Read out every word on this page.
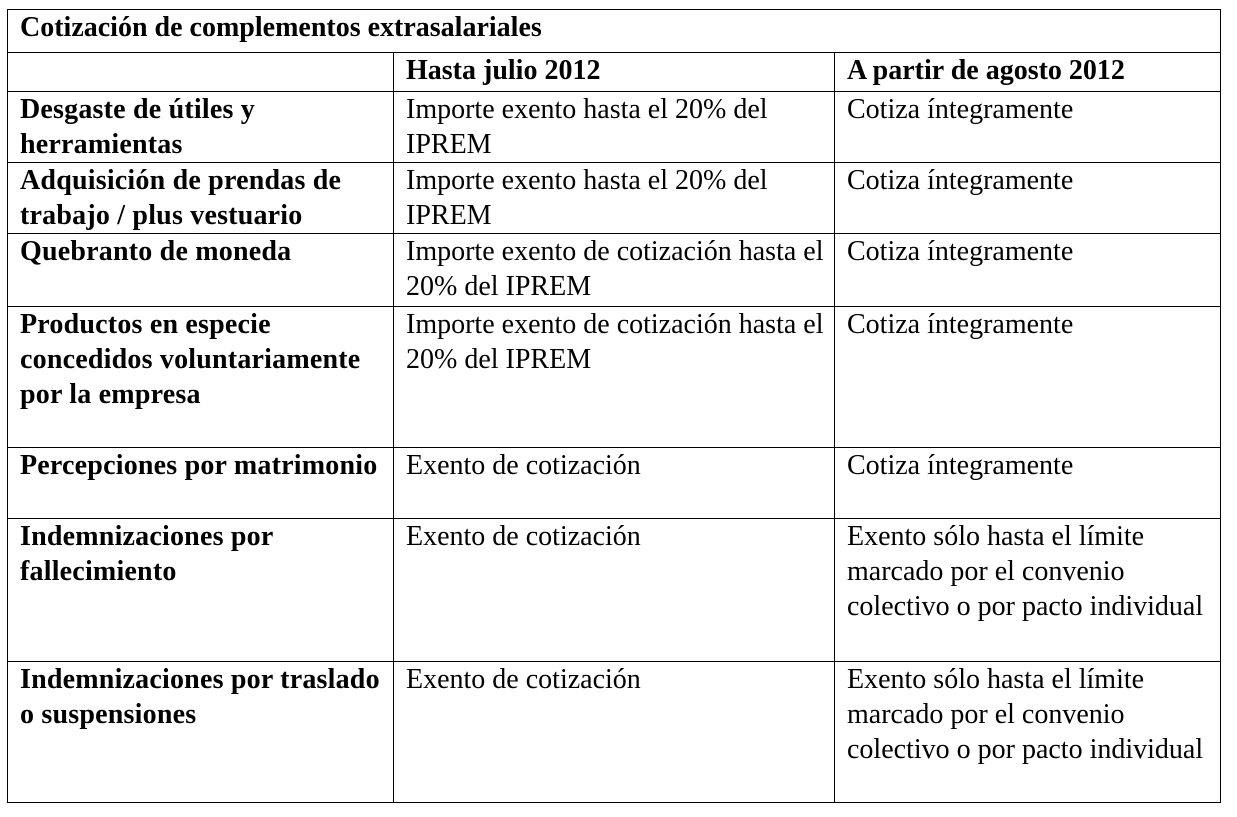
Cotización de complementos extrasalariales		
	Hasta julio 2012	A partir de agosto 2012
Desgaste de útiles y herramientas	Importe exento hasta el 20% del IPREM	Cotiza íntegramente
Adquisición de prendas de trabajo / plus vestuario	Importe exento hasta el 20% del IPREM	Cotiza íntegramente
Quebranto de moneda	Importe exento de cotización hasta el 20% del IPREM	Cotiza íntegramente
Productos en especie concedidos voluntariamente por la empresa	Importe exento de cotización hasta el 20% del IPREM	Cotiza íntegramente
Percepciones por matrimonio	Exento de cotización	Cotiza íntegramente
Indemnizaciones por fallecimiento	Exento de cotización	Exento sólo hasta el límite marcado por el convenio colectivo o por pacto individual
Indemnizaciones por traslado o suspensiones	Exento de cotización	Exento sólo hasta el límite marcado por el convenio colectivo o por pacto individual
